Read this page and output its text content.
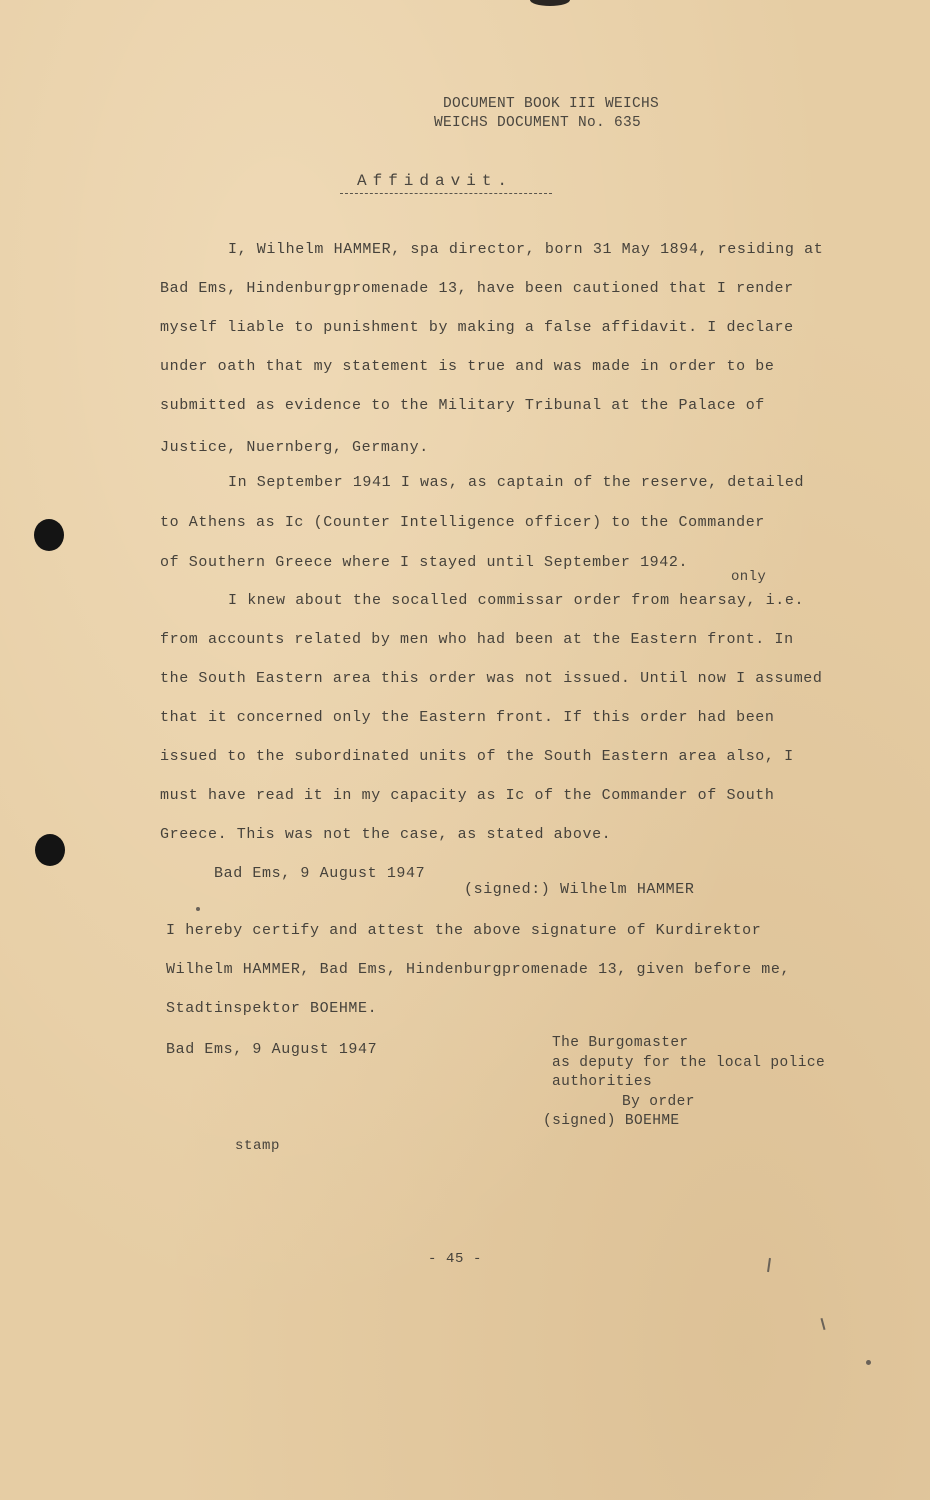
DOCUMENT BOOK III WEICHS
WEICHS DOCUMENT No. 635
Affidavit.
I, Wilhelm HAMMER, spa director, born 31 May 1894, residing at
Bad Ems, Hindenburgpromenade 13, have been cautioned that I render
myself liable to punishment by making a false affidavit. I declare
under oath that my statement is true and was made in order to be
submitted as evidence to the Military Tribunal at the Palace of
Justice, Nuernberg, Germany.
In September 1941 I was, as captain of the reserve, detailed
to Athens as Ic (Counter Intelligence officer) to the Commander
of Southern Greece where I stayed until September 1942.
only
I knew about the socalled commissar order from hearsay, i.e.
from accounts related by men who had been at the Eastern front. In
the South Eastern area this order was not issued. Until now I assumed
that it concerned only the Eastern front. If this order had been
issued to the subordinated units of the South Eastern area also, I
must have read it in my capacity as Ic of the Commander of South
Greece. This was not the case, as stated above.
Bad Ems, 9 August 1947
(signed:) Wilhelm HAMMER
I hereby certify and attest the above signature of Kurdirektor
Wilhelm HAMMER, Bad Ems, Hindenburgpromenade 13, given before me,
Stadtinspektor BOEHME.
Bad Ems, 9 August 1947	The Burgomaster
as deputy for the local police
authorities
By order
(signed) BOEHME
stamp
- 45 -
